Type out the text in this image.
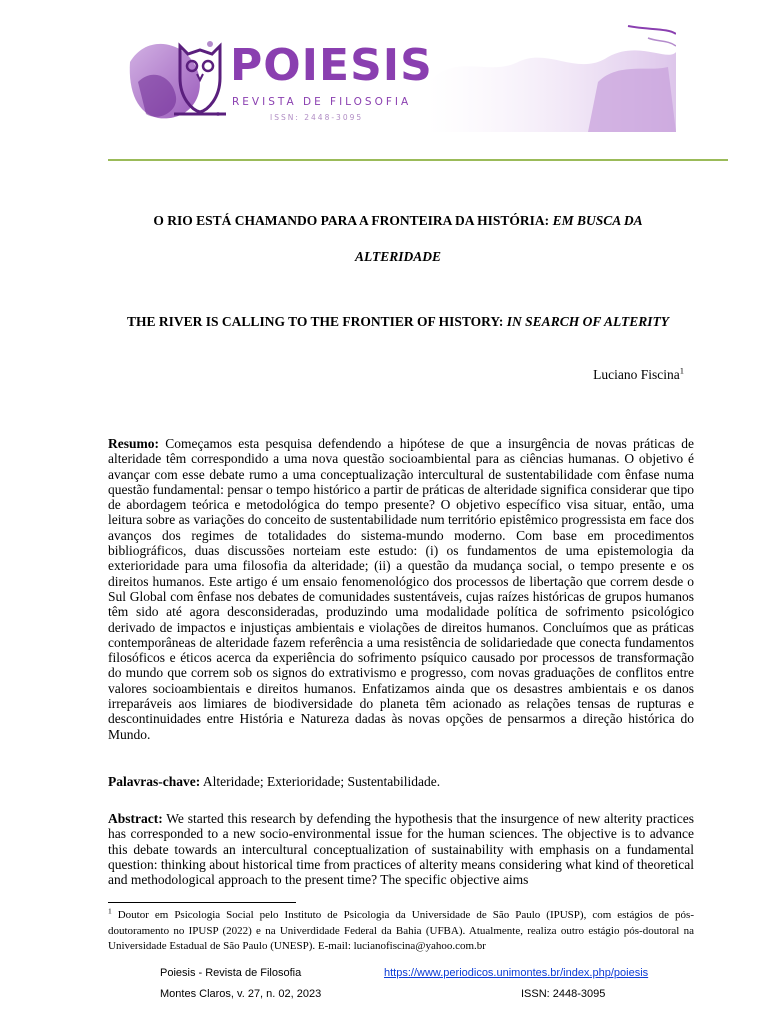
POIESIS
REVISTA DE FILOSOFIA
ISSN: 2448-3095
O RIO ESTÁ CHAMANDO PARA A FRONTEIRA DA HISTÓRIA: EM BUSCA DA
ALTERIDADE
THE RIVER IS CALLING TO THE FRONTIER OF HISTORY: IN SEARCH OF ALTERITY
Luciano Fiscina$^1$
Resumo: Começamos esta pesquisa defendendo a hipótese de que a insurgência de novas práticas de alteridade têm correspondido a uma nova questão socioambiental para as ciências humanas. O objetivo é avançar com esse debate rumo a uma conceptualização intercultural de sustentabilidade com ênfase numa questão fundamental: pensar o tempo histórico a partir de práticas de alteridade significa considerar que tipo de abordagem teórica e metodológica do tempo presente? O objetivo específico visa situar, então, uma leitura sobre as variações do conceito de sustentabilidade num território epistêmico progressista em face dos avanços dos regimes de totalidades do sistema-mundo moderno. Com base em procedimentos bibliográficos, duas discussões norteiam este estudo: (i) os fundamentos de uma epistemologia da exterioridade para uma filosofia da alteridade; (ii) a questão da mudança social, o tempo presente e os direitos humanos. Este artigo é um ensaio fenomenológico dos processos de libertação que correm desde o Sul Global com ênfase nos debates de comunidades sustentáveis, cujas raízes históricas de grupos humanos têm sido até agora desconsideradas, produzindo uma modalidade política de sofrimento psicológico derivado de impactos e injustiças ambientais e violações de direitos humanos. Concluímos que as práticas contemporâneas de alteridade fazem referência a uma resistência de solidariedade que conecta fundamentos filosóficos e éticos acerca da experiência do sofrimento psíquico causado por processos de transformação do mundo que correm sob os signos do extrativismo e progresso, com novas graduações de conflitos entre valores socioambientais e direitos humanos. Enfatizamos ainda que os desastres ambientais e os danos irreparáveis aos limiares de biodiversidade do planeta têm acionado as relações tensas de rupturas e descontinuidades entre História e Natureza dadas às novas opções de pensarmos a direção histórica do Mundo.
Palavras-chave: Alteridade; Exterioridade; Sustentabilidade.
Abstract: We started this research by defending the hypothesis that the insurgence of new alterity practices has corresponded to a new socio-environmental issue for the human sciences. The objective is to advance this debate towards an intercultural conceptualization of sustainability with emphasis on a fundamental question: thinking about historical time from practices of alterity means considering what kind of theoretical and methodological approach to the present time? The specific objective aims
$^1$ Doutor em Psicologia Social pelo Instituto de Psicologia da Universidade de São Paulo (IPUSP), com estágios de pós-doutoramento no IPUSP (2022) e na Univerdidade Federal da Bahia (UFBA). Atualmente, realiza outro estágio pós-doutoral na Universidade Estadual de São Paulo (UNESP). E-mail: lucianofiscina@yahoo.com.br
Poiesis - Revista de Filosofia	https://www.periodicos.unimontes.br/index.php/poiesis
Montes Claros, v. 27, n. 02, 2023	ISSN: 2448-3095
